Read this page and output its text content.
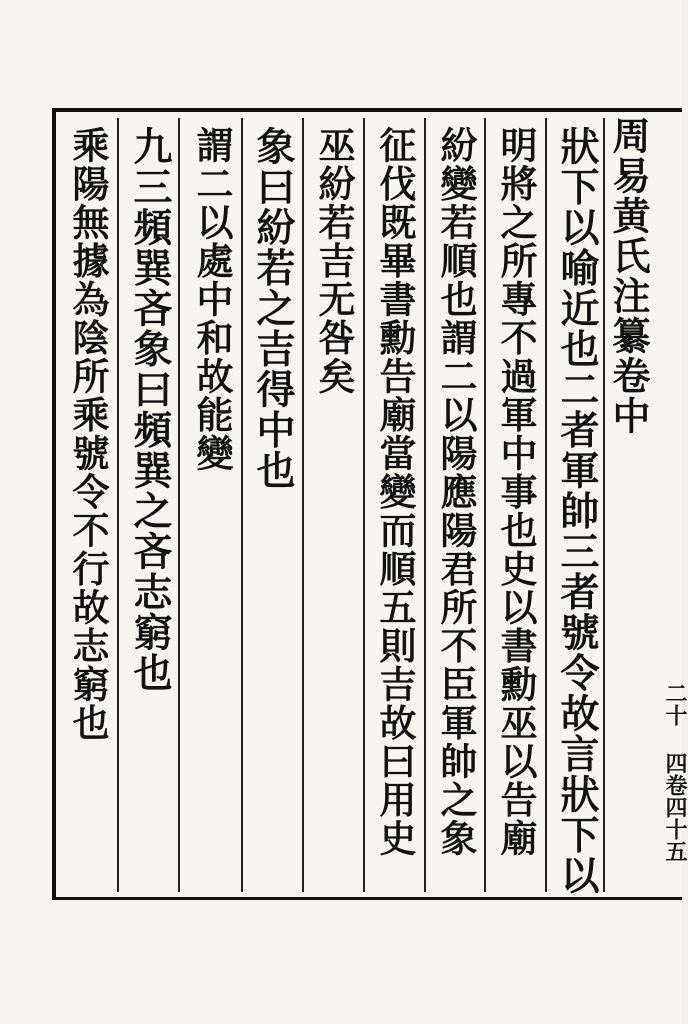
周易黄氏注纂卷中
二十 四卷四十五
狀下以喻近也二者軍帥三者號令故言狀下以
明將之所專不過軍中事也史以書勳巫以告廟
紛變若順也謂二以陽應陽君所不臣軍帥之象
征伐既畢書勳告廟當變而順五則吉故曰用史
巫紛若吉无咎矣
象曰紛若之吉得中也
謂二以處中和故能變
九三頻巽吝象曰頻巽之吝志窮也
乘陽無據為陰所乘號令不行故志窮也
